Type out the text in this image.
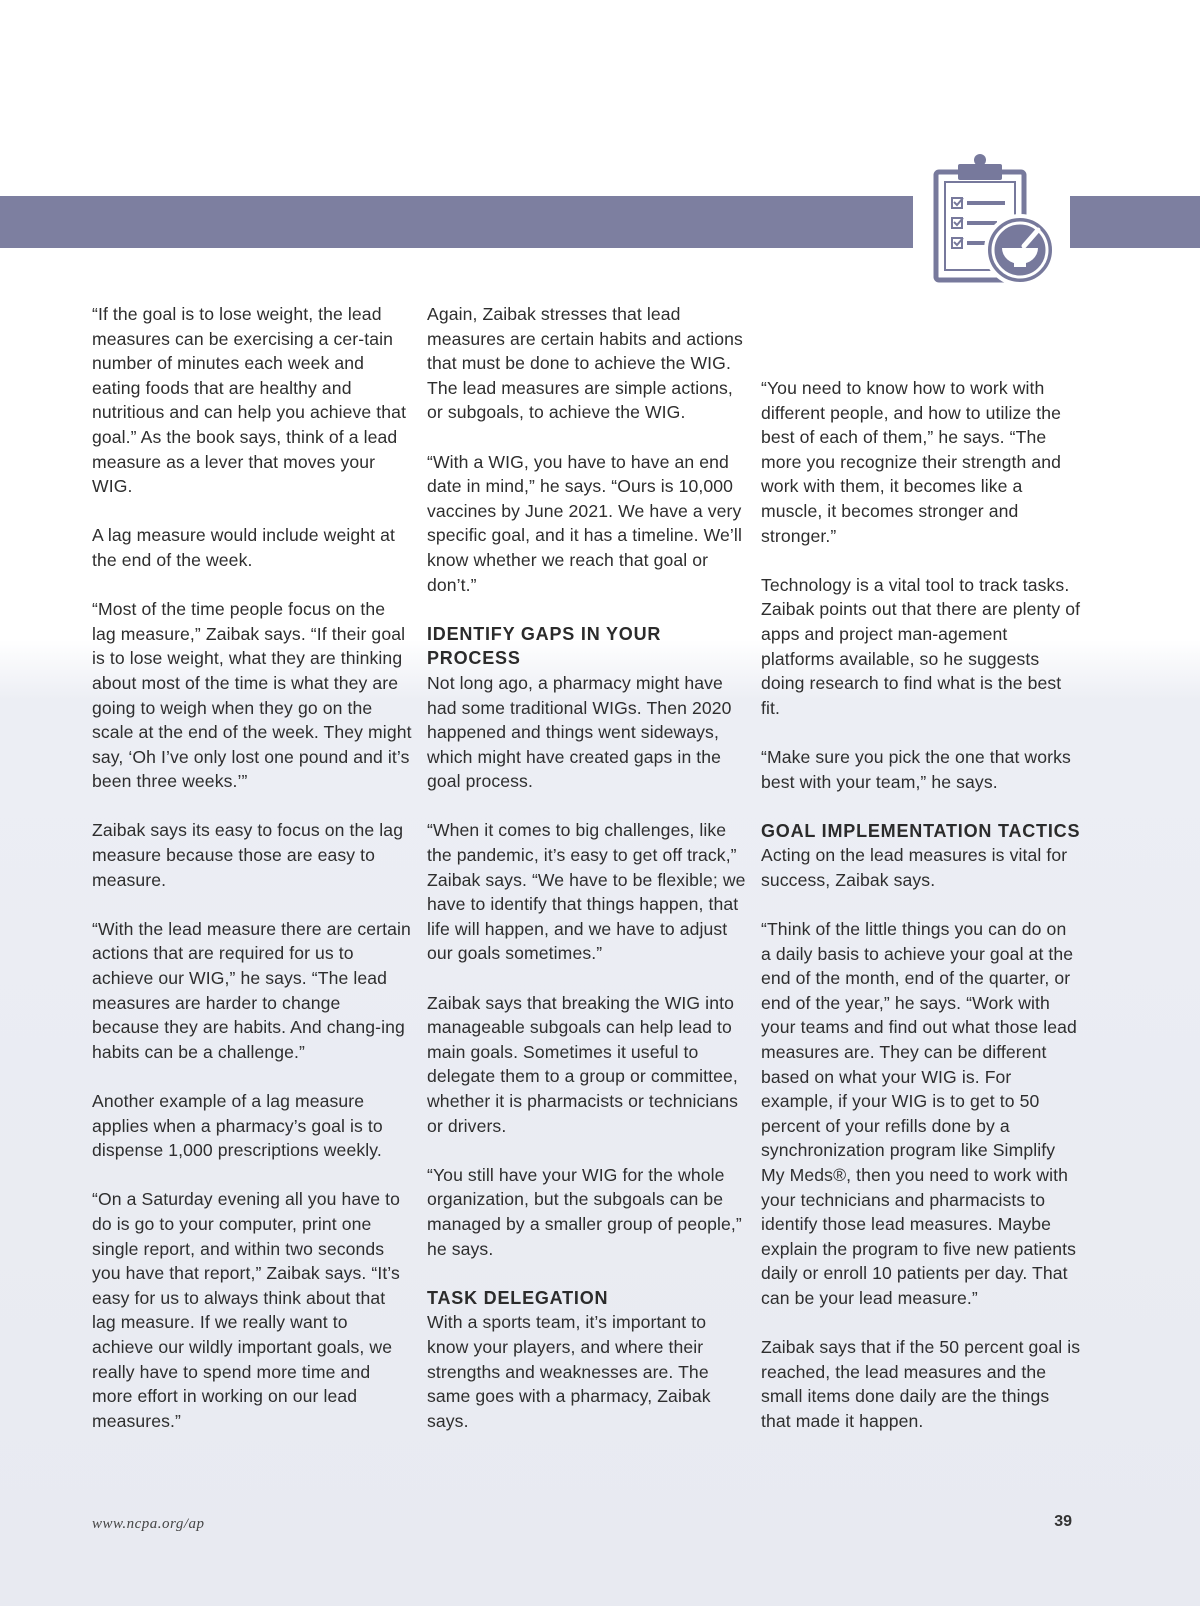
“If the goal is to lose weight, the lead measures can be exercising a cer-tain number of minutes each week and eating foods that are healthy and nutritious and can help you achieve that goal.” As the book says, think of a lead measure as a lever that moves your WIG.

A lag measure would include weight at the end of the week.

“Most of the time people focus on the lag measure,” Zaibak says. “If their goal is to lose weight, what they are thinking about most of the time is what they are going to weigh when they go on the scale at the end of the week. They might say, ‘Oh I’ve only lost one pound and it’s been three weeks.’”

Zaibak says its easy to focus on the lag measure because those are easy to measure.

“With the lead measure there are certain actions that are required for us to achieve our WIG,” he says. “The lead measures are harder to change because they are habits. And chang-ing habits can be a challenge.”

Another example of a lag measure applies when a pharmacy’s goal is to dispense 1,000 prescriptions weekly.

“On a Saturday evening all you have to do is go to your computer, print one single report, and within two seconds you have that report,” Zaibak says. “It’s easy for us to always think about that lag measure. If we really want to achieve our wildly important goals, we really have to spend more time and more effort in working on our lead measures.”

Again, Zaibak stresses that lead measures are certain habits and actions that must be done to achieve the WIG. The lead measures are simple actions, or subgoals, to achieve the WIG.

“With a WIG, you have to have an end date in mind,” he says. “Ours is 10,000 vaccines by June 2021. We have a very specific goal, and it has a timeline. We’ll know whether we reach that goal or don’t.”

IDENTIFY GAPS IN YOUR PROCESS

Not long ago, a pharmacy might have had some traditional WIGs. Then 2020 happened and things went sideways, which might have created gaps in the goal process.

“When it comes to big challenges, like the pandemic, it’s easy to get off track,” Zaibak says. “We have to be flexible; we have to identify that things happen, that life will happen, and we have to adjust our goals sometimes.”

Zaibak says that breaking the WIG into manageable subgoals can help lead to main goals. Sometimes it useful to delegate them to a group or committee, whether it is pharmacists or technicians or drivers.

“You still have your WIG for the whole organization, but the subgoals can be managed by a smaller group of people,” he says.

TASK DELEGATION

With a sports team, it’s important to know your players, and where their strengths and weaknesses are. The same goes with a pharmacy, Zaibak says.

“You need to know how to work with different people, and how to utilize the best of each of them,” he says. “The more you recognize their strength and work with them, it becomes like a muscle, it becomes stronger and stronger.”

Technology is a vital tool to track tasks. Zaibak points out that there are plenty of apps and project man-agement platforms available, so he suggests doing research to find what is the best fit.

“Make sure you pick the one that works best with your team,” he says.

GOAL IMPLEMENTATION TACTICS

Acting on the lead measures is vital for success, Zaibak says.

“Think of the little things you can do on a daily basis to achieve your goal at the end of the month, end of the quarter, or end of the year,” he says. “Work with your teams and find out what those lead measures are. They can be different based on what your WIG is. For example, if your WIG is to get to 50 percent of your refills done by a synchronization program like Simplify My Meds®, then you need to work with your technicians and pharmacists to identify those lead measures. Maybe explain the program to five new patients daily or enroll 10 patients per day. That can be your lead measure.”

Zaibak says that if the 50 percent goal is reached, the lead measures and the small items done daily are the things that made it happen.

www.ncpa.org/ap	39
